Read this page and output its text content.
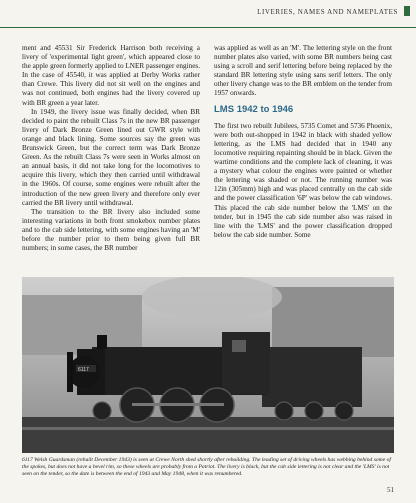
LIVERIES, NAMES AND NAMEPLATES

ment and 45531 Sir Frederick Harrison both receiving a livery of 'experimental light green', which appeared close to the apple green formerly applied to LNER passenger engines. In the case of 45540, it was applied at Derby Works rather than Crewe. This livery did not sit well on the engines and was not continued, both engines had the livery covered up with BR green a year later.

In 1949, the livery issue was finally decided, when BR decided to paint the rebuilt Class 7s in the new BR passenger livery of Dark Bronze Green lined out GWR style with orange and black lining. Some sources say the green was Brunswick Green, but the correct term was Dark Bronze Green. As the rebuilt Class 7s were seen in Works almost on an annual basis, it did not take long for the locomotives to acquire this livery, which they then carried until withdrawal in the 1960s. Of course, some engines were rebuilt after the introduction of the new green livery and therefore only ever carried the BR livery until withdrawal.

The transition to the BR livery also included some interesting variations in both front smokebox number plates and to the cab side lettering, with some engines having an 'M' before the number prior to them being given full BR numbers; in some cases, the BR number

was applied as well as an 'M'. The lettering style on the front number plates also varied, with some BR numbers being cast using a scroll and serif lettering before being replaced by the standard BR lettering style using sans serif letters. The only other livery change was to the BR emblem on the tender from 1957 onwards.

LMS 1942 to 1946

The first two rebuilt Jubilees, 5735 Comet and 5736 Phoenix, were both out-shopped in 1942 in black with shaded yellow lettering, as the LMS had decided that in 1940 any locomotive requiring repainting should be in black. Given the wartime conditions and the complete lack of cleaning, it was a mystery what colour the engines were painted or whether the lettering was shaded or not. The running number was 12in (305mm) high and was placed centrally on the cab side and the power classification '6P' was below the cab windows. This placed the cab side number below the 'LMS' on the tender, but in 1945 the cab side number also was raised in line with the 'LMS' and the power classification dropped below the cab side number. Some

6117
6117 Welsh Guardsman (rebuilt December 1943) is seen at Crewe North shed shortly after rebuilding. The leading set of driving wheels has webbing behind some of the spokes, but does not have a bevel rim, so these wheels are probably from a Patriot. The livery is black, but the cab side lettering is not clear and the 'LMS' is not seen on the tender, so the date is between the end of 1943 and May 1948, when it was renumbered.
51
